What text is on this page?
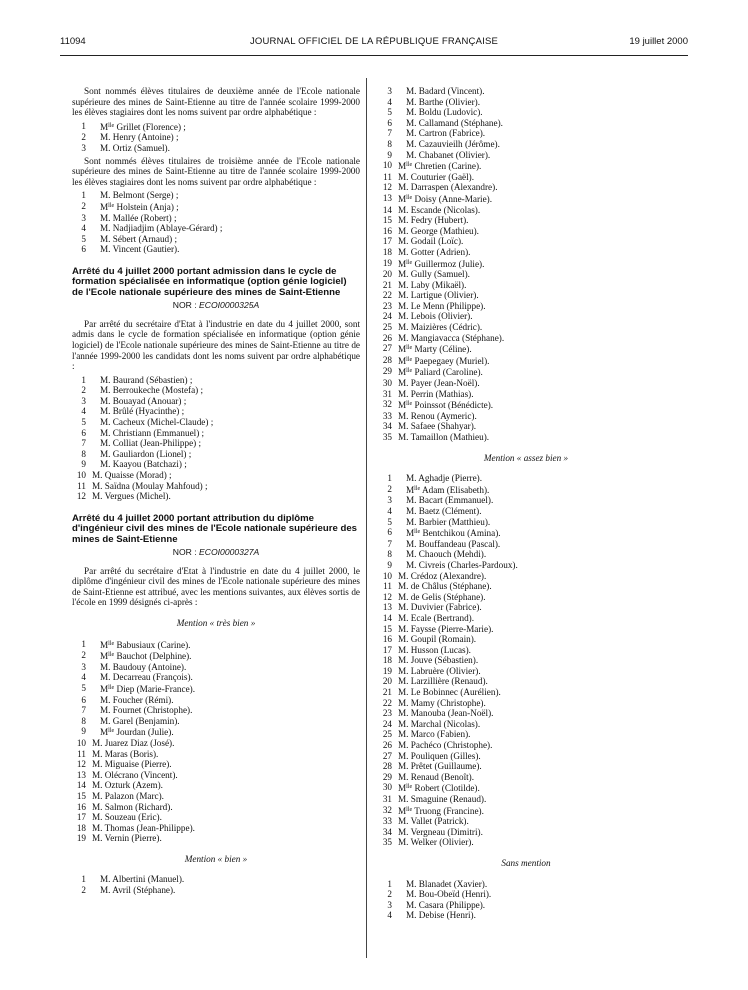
11094	JOURNAL OFFICIEL DE LA RÉPUBLIQUE FRANÇAISE	19 juillet 2000

Sont nommés élèves titulaires de deuxième année de l'Ecole nationale supérieure des mines de Saint-Etienne au titre de l'année scolaire 1999-2000 les élèves stagiaires dont les noms suivent par ordre alphabétique :

1	$M^{lle}$ Grillet (Florence) ;
2	M. Henry (Antoine) ;
3	M. Ortiz (Samuel).

Sont nommés élèves titulaires de troisième année de l'Ecole nationale supérieure des mines de Saint-Etienne au titre de l'année scolaire 1999-2000 les élèves stagiaires dont les noms suivent par ordre alphabétique :

1	M. Belmont (Serge) ;
2	$M^{lle}$ Holstein (Anja) ;
3	M. Mallée (Robert) ;
4	M. Nadjiadjim (Ablaye-Gérard) ;
5	M. Sébert (Arnaud) ;
6	M. Vincent (Gautier).
Arrêté du 4 juillet 2000 portant admission dans le cycle de formation spécialisée en informatique (option génie logiciel) de l'Ecole nationale supérieure des mines de Saint-Etienne
NOR : ECOI0000325A

Par arrêté du secrétaire d'Etat à l'industrie en date du 4 juillet 2000, sont admis dans le cycle de formation spécialisée en informatique (option génie logiciel) de l'Ecole nationale supérieure des mines de Saint-Etienne au titre de l'année 1999-2000 les candidats dont les noms suivent par ordre alphabétique :

1	M. Baurand (Sébastien) ;
2	M. Berroukeche (Mostefa) ;
3	M. Bouayad (Anouar) ;
4	M. Brûlé (Hyacinthe) ;
5	M. Cacheux (Michel-Claude) ;
6	M. Christiann (Emmanuel) ;
7	M. Colliat (Jean-Philippe) ;
8	M. Gauliardon (Lionel) ;
9	M. Kaayou (Batchazi) ;
10 M. Quaisse (Morad) ;
11 M. Saïdna (Moulay Mahfoud) ;
12 M. Vergues (Michel).
Arrêté du 4 juillet 2000 portant attribution du diplôme d'ingénieur civil des mines de l'Ecole nationale supérieure des mines de Saint-Etienne
NOR : ECOI0000327A

Par arrêté du secrétaire d'Etat à l'industrie en date du 4 juillet 2000, le diplôme d'ingénieur civil des mines de l'Ecole nationale supérieure des mines de Saint-Etienne est attribué, avec les mentions suivantes, aux élèves sortis de l'école en 1999 désignés ci-après :

Mention « très bien »
1	$M^{lle}$ Babusiaux (Carine).
2	$M^{lle}$ Bauchot (Delphine).
3	M. Baudouy (Antoine).
4	M. Decarreau (François).
5	$M^{lle}$ Diep (Marie-France).
6	M. Foucher (Rémi).
7	M. Fournet (Christophe).
8	M. Garel (Benjamin).
9	$M^{lle}$ Jourdan (Julie).
10 M. Juarez Diaz (José).
11 M. Maras (Boris).
12 M. Miguaise (Pierre).
13 M. Olécrano (Vincent).
14 M. Ozturk (Azem).
15 M. Palazon (Marc).
16 M. Salmon (Richard).
17 M. Souzeau (Eric).
18 M. Thomas (Jean-Philippe).
19 M. Vernin (Pierre).
Mention « bien »
1	M. Albertini (Manuel).
2	M. Avril (Stéphane).
3	M. Badard (Vincent).
4	M. Barthe (Olivier).
5	M. Boldu (Ludovic).
6	M. Callamand (Stéphane).
7	M. Cartron (Fabrice).
8	M. Cazauvieilh (Jérôme).
9	M. Chabanet (Olivier).
10 $M^{lle}$ Chretien (Carine).
11 M. Couturier (Gaël).
12 M. Darraspen (Alexandre).
13 $M^{lle}$ Doisy (Anne-Marie).
14 M. Escande (Nicolas).
15 M. Fedry (Hubert).
16 M. George (Mathieu).
17 M. Godail (Loïc).
18 M. Gotter (Adrien).
19 $M^{lle}$ Guillermoz (Julie).
20 M. Gully (Samuel).
21 M. Laby (Mikaël).
22 M. Lartigue (Olivier).
23 M. Le Menn (Philippe).
24 M. Lebois (Olivier).
25 M. Maizières (Cédric).
26 M. Mangiavacca (Stéphane).
27 $M^{lle}$ Marty (Céline).
28 $M^{lle}$ Paepegaey (Muriel).
29 $M^{lle}$ Paliard (Caroline).
30 M. Payer (Jean-Noël).
31 M. Perrin (Mathias).
32 $M^{lle}$ Poinssot (Bénédicte).
33 M. Renou (Aymeric).
34 M. Safaee (Shahyar).
35 M. Tamaillon (Mathieu).
Mention « assez bien »
1	M. Aghadje (Pierre).
2	$M^{lle}$ Adam (Elisabeth).
3	M. Bacart (Emmanuel).
4	M. Baetz (Clément).
5	M. Barbier (Matthieu).
6	$M^{lle}$ Bentchikou (Amina).
7	M. Bouffandeau (Pascal).
8	M. Chaouch (Mehdi).
9	M. Civreis (Charles-Pardoux).
10 M. Crédoz (Alexandre).
11 M. de Châlus (Stéphane).
12 M. de Gelis (Stéphane).
13 M. Duvivier (Fabrice).
14 M. Ecale (Bertrand).
15 M. Faysse (Pierre-Marie).
16 M. Goupil (Romain).
17 M. Husson (Lucas).
18 M. Jouve (Sébastien).
19 M. Labruère (Olivier).
20 M. Larzillière (Renaud).
21 M. Le Bobinnec (Aurélien).
22 M. Mamy (Christophe).
23 M. Manouba (Jean-Noël).
24 M. Marchal (Nicolas).
25 M. Marco (Fabien).
26 M. Pachéco (Christophe).
27 M. Pouliquen (Gilles).
28 M. Prêtet (Guillaume).
29 M. Renaud (Benoît).
30 $M^{lle}$ Robert (Clotilde).
31 M. Smaguine (Renaud).
32 $M^{lle}$ Truong (Francine).
33 M. Vallet (Patrick).
34 M. Vergneau (Dimitri).
35 M. Welker (Olivier).
Sans mention
1	M. Blanadet (Xavier).
2	M. Bou-Obeïd (Henri).
3	M. Casara (Philippe).
4	M. Debise (Henri).
